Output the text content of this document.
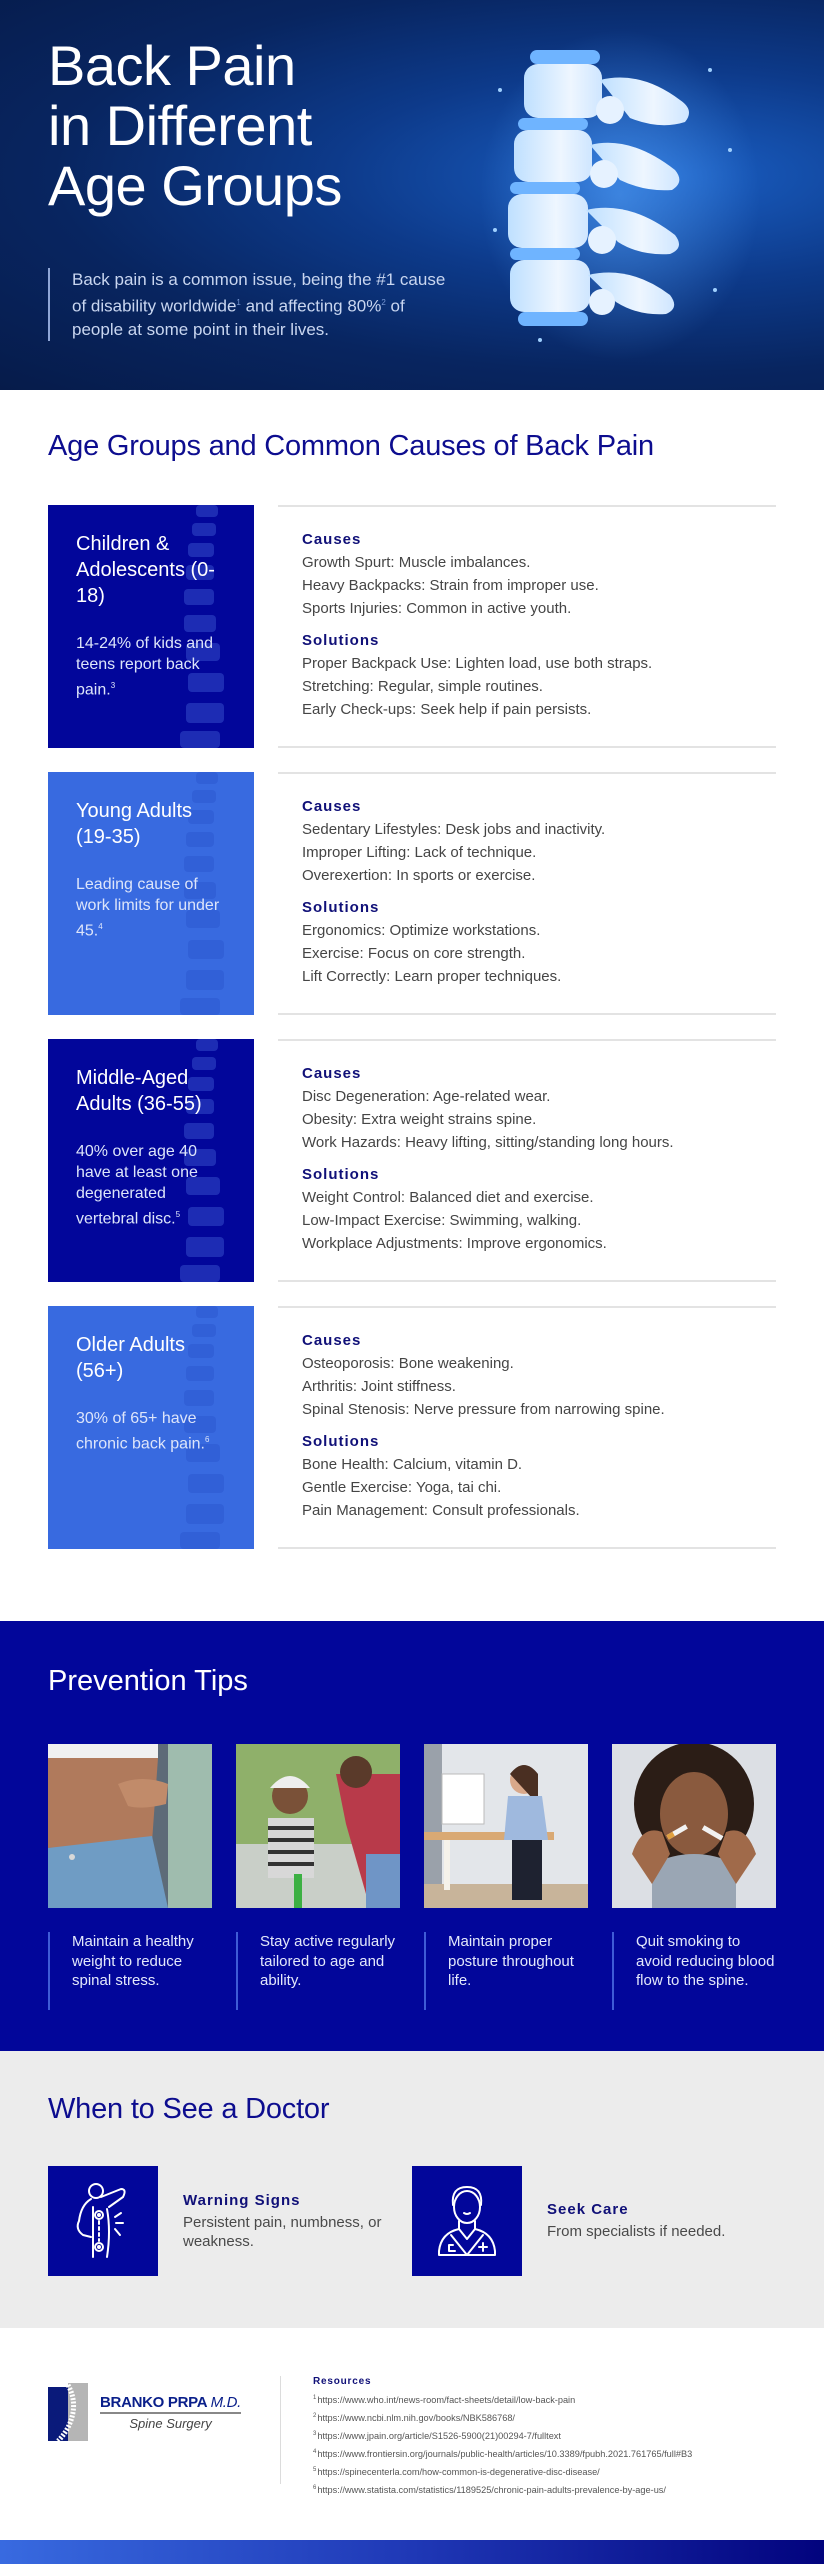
Back Pain
in Different
Age Groups

Back pain is a common issue, being the #1 cause of disability worldwide$^1$ and affecting 80%$^2$ of people at some point in their lives.

Age Groups and Common Causes of Back Pain
Children & Adolescents (0-18)
14-24% of kids and teens report back pain.$^3$
Causes
Growth Spurt: Muscle imbalances.
Heavy Backpacks: Strain from improper use.
Sports Injuries: Common in active youth.
Solutions
Proper Backpack Use: Lighten load, use both straps.
Stretching: Regular, simple routines.
Early Check-ups: Seek help if pain persists.
Young Adults (19-35)
Leading cause of work limits for under 45.$^4$
Causes
Sedentary Lifestyles: Desk jobs and inactivity.
Improper Lifting: Lack of technique.
Overexertion: In sports or exercise.
Solutions
Ergonomics: Optimize workstations.
Exercise: Focus on core strength.
Lift Correctly: Learn proper techniques.
Middle-Aged Adults (36-55)
40% over age 40 have at least one degenerated vertebral disc.$^5$
Causes
Disc Degeneration: Age-related wear.
Obesity: Extra weight strains spine.
Work Hazards: Heavy lifting, sitting/standing long hours.
Solutions
Weight Control: Balanced diet and exercise.
Low-Impact Exercise: Swimming, walking.
Workplace Adjustments: Improve ergonomics.
Older Adults (56+)
30% of 65+ have chronic back pain.$^6$
Causes
Osteoporosis: Bone weakening.
Arthritis: Joint stiffness.
Spinal Stenosis: Nerve pressure from narrowing spine.
Solutions
Bone Health: Calcium, vitamin D.
Gentle Exercise: Yoga, tai chi.
Pain Management: Consult professionals.
Prevention Tips
Maintain a healthy weight to reduce spinal stress.
Stay active regularly tailored to age and ability.
Maintain proper posture throughout life.
Quit smoking to avoid reducing blood flow to the spine.
When to See a Doctor
Warning Signs
Persistent pain, numbness, or weakness.
Seek Care
From specialists if needed.
BRANKO PRPA M.D.
Spine Surgery
Resources
$^1$https://www.who.int/news-room/fact-sheets/detail/low-back-pain
$^2$https://www.ncbi.nlm.nih.gov/books/NBK586768/
$^3$https://www.jpain.org/article/S1526-5900(21)00294-7/fulltext
$^4$https://www.frontiersin.org/journals/public-health/articles/10.3389/fpubh.2021.761765/full#B3
$^5$https://spinecenterla.com/how-common-is-degenerative-disc-disease/
$^6$https://www.statista.com/statistics/1189525/chronic-pain-adults-prevalence-by-age-us/
